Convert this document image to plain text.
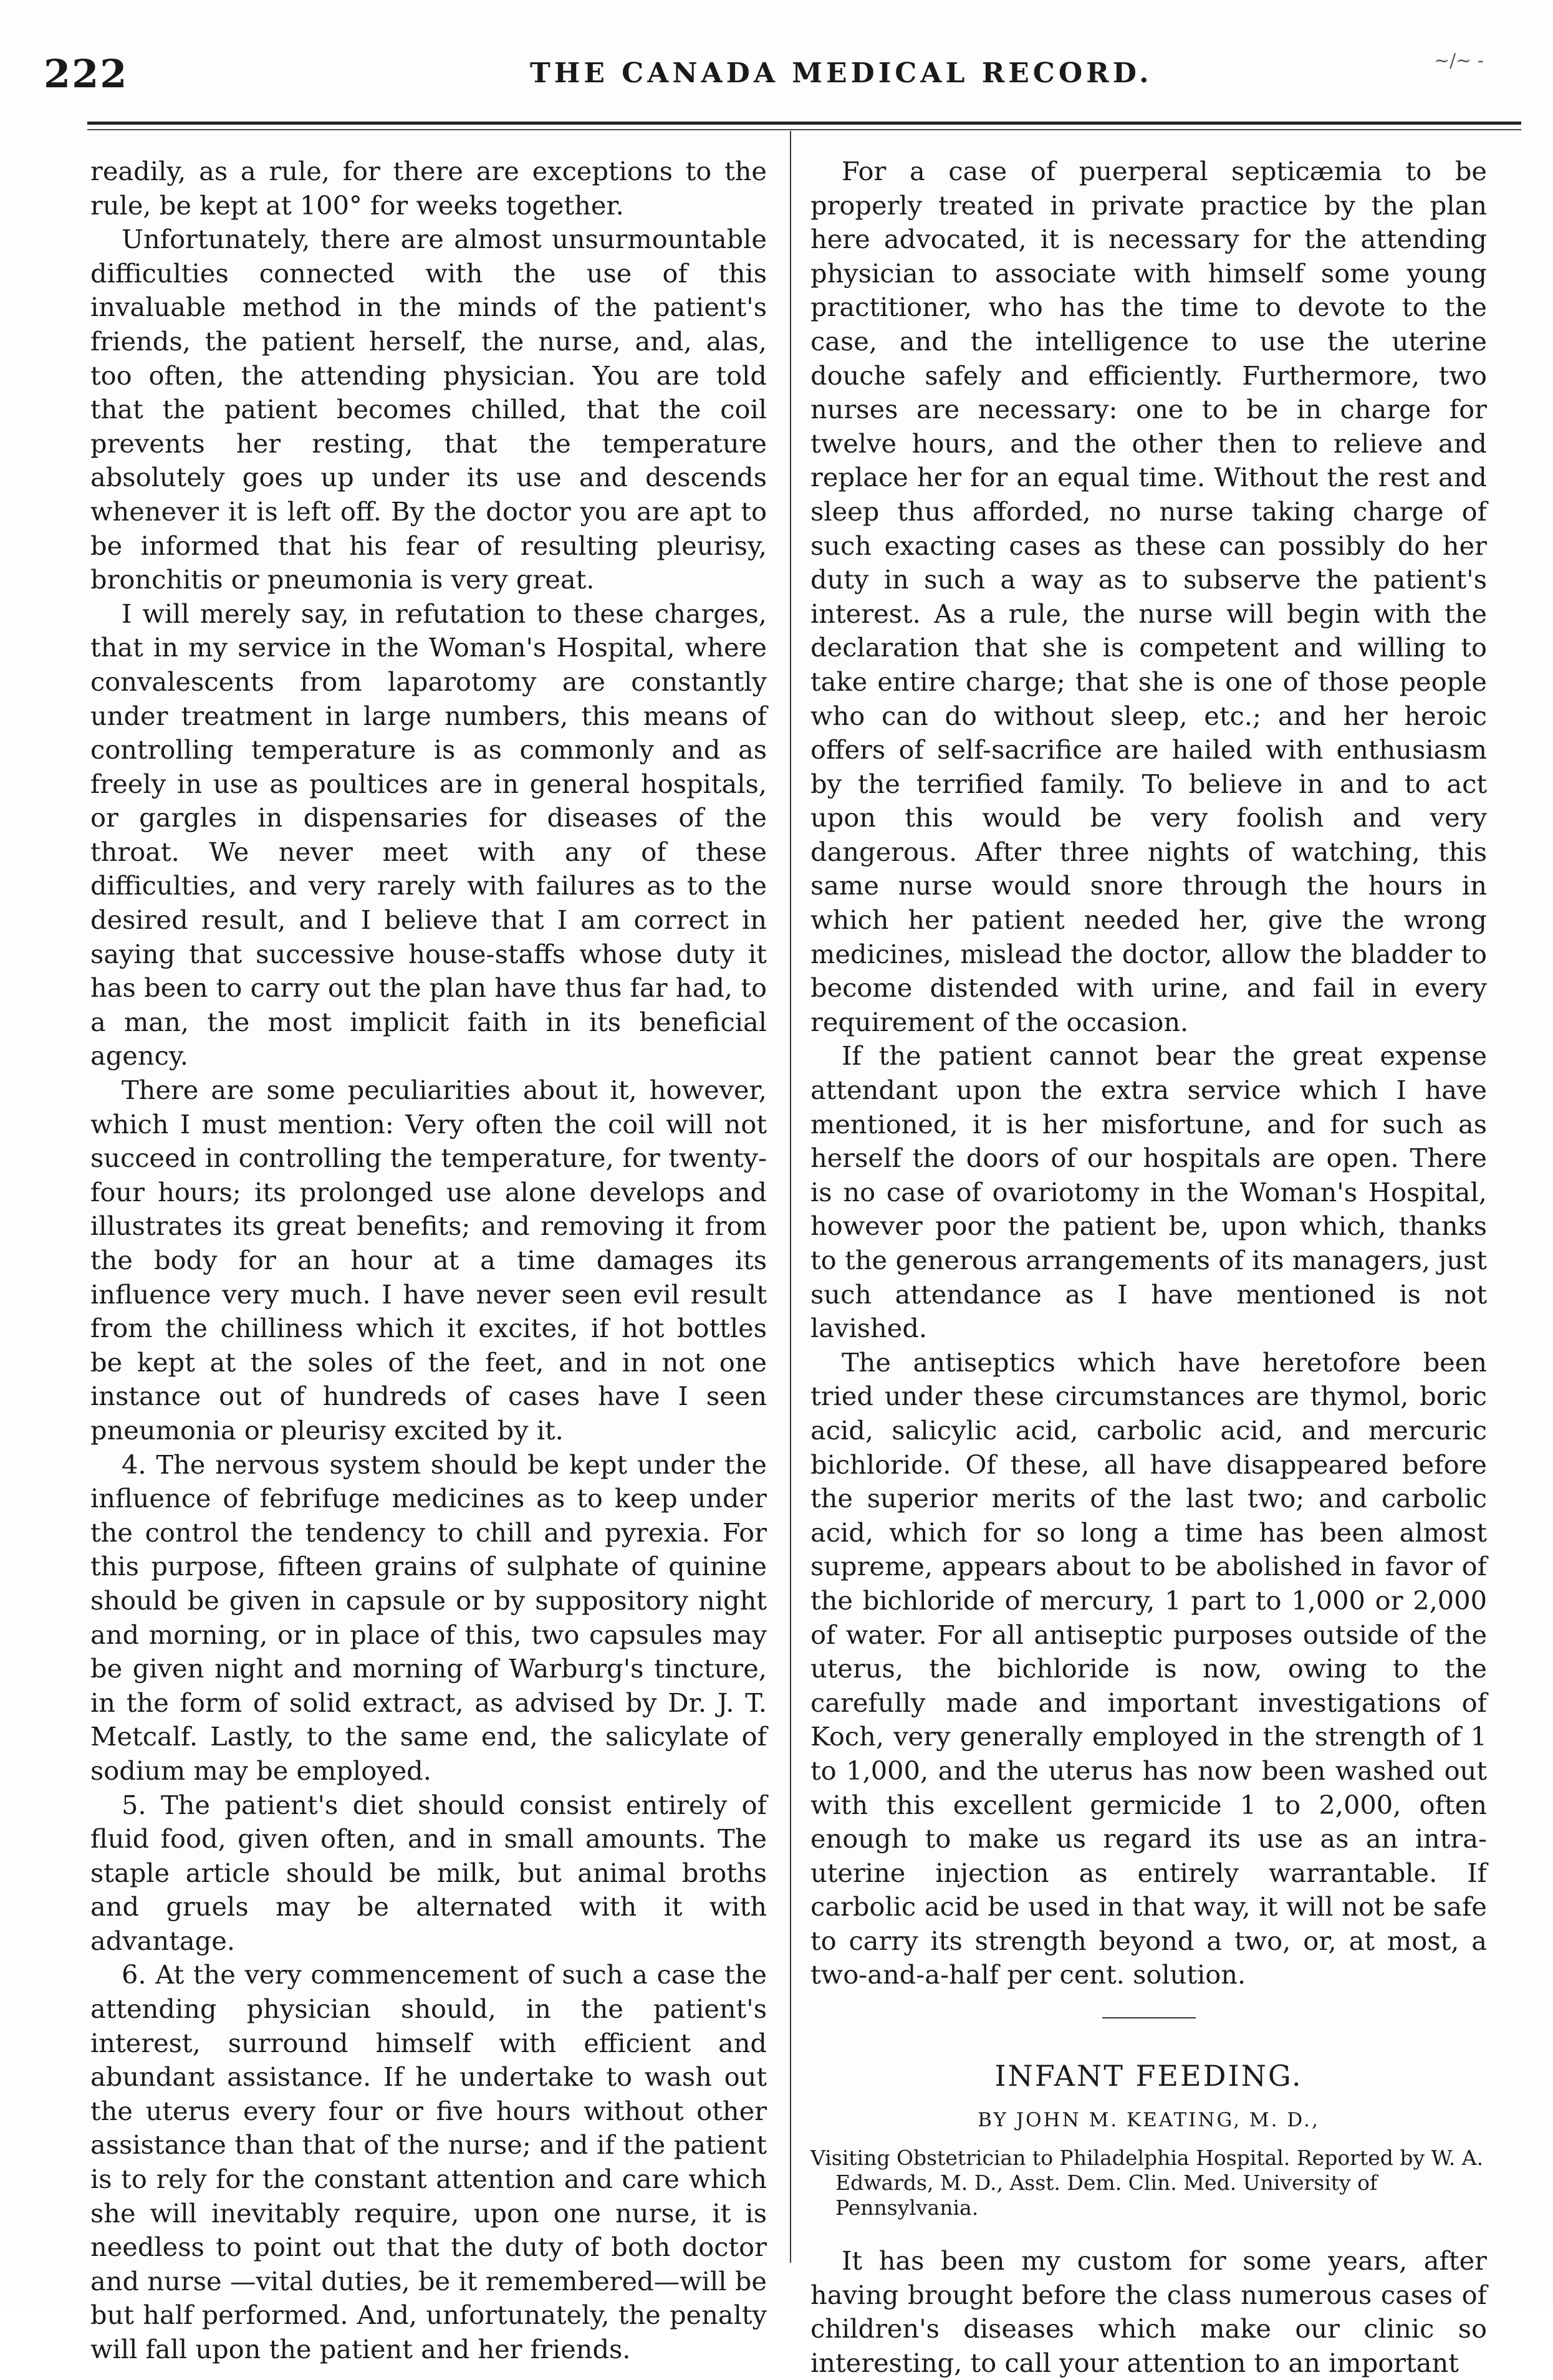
222	THE CANADA MEDICAL RECORD.	~/~ -

readily, as a rule, for there are exceptions to the rule, be kept at 100° for weeks together.

Unfortunately, there are almost unsurmountable difficulties connected with the use of this invaluable method in the minds of the patient's friends, the patient herself, the nurse, and, alas, too often, the attending physician. You are told that the patient becomes chilled, that the coil prevents her resting, that the temperature absolutely goes up under its use and descends whenever it is left off. By the doctor you are apt to be informed that his fear of resulting pleurisy, bronchitis or pneumonia is very great.

I will merely say, in refutation to these charges, that in my service in the Woman's Hospital, where convalescents from laparotomy are constantly under treatment in large numbers, this means of controlling temperature is as commonly and as freely in use as poultices are in general hospitals, or gargles in dispensaries for diseases of the throat. We never meet with any of these difficulties, and very rarely with failures as to the desired result, and I believe that I am correct in saying that successive house-staffs whose duty it has been to carry out the plan have thus far had, to a man, the most implicit faith in its beneficial agency.

There are some peculiarities about it, however, which I must mention: Very often the coil will not succeed in controlling the temperature, for twenty-four hours; its prolonged use alone develops and illustrates its great benefits; and removing it from the body for an hour at a time damages its influence very much. I have never seen evil result from the chilliness which it excites, if hot bottles be kept at the soles of the feet, and in not one instance out of hundreds of cases have I seen pneumonia or pleurisy excited by it.

4. The nervous system should be kept under the influence of febrifuge medicines as to keep under the control the tendency to chill and pyrexia. For this purpose, fifteen grains of sulphate of quinine should be given in capsule or by suppository night and morning, or in place of this, two capsules may be given night and morning of Warburg's tincture, in the form of solid extract, as advised by Dr. J. T. Metcalf. Lastly, to the same end, the salicylate of sodium may be employed.

5. The patient's diet should consist entirely of fluid food, given often, and in small amounts. The staple article should be milk, but animal broths and gruels may be alternated with it with advantage.

6. At the very commencement of such a case the attending physician should, in the patient's interest, surround himself with efficient and abundant assistance. If he undertake to wash out the uterus every four or five hours without other assistance than that of the nurse; and if the patient is to rely for the constant attention and care which she will inevitably require, upon one nurse, it is needless to point out that the duty of both doctor and nurse —vital duties, be it remembered—will be but half performed. And, unfortunately, the penalty will fall upon the patient and her friends.

For a case of puerperal septicæmia to be properly treated in private practice by the plan here advocated, it is necessary for the attending physician to associate with himself some young practitioner, who has the time to devote to the case, and the intelligence to use the uterine douche safely and efficiently. Furthermore, two nurses are necessary: one to be in charge for twelve hours, and the other then to relieve and replace her for an equal time. Without the rest and sleep thus afforded, no nurse taking charge of such exacting cases as these can possibly do her duty in such a way as to subserve the patient's interest. As a rule, the nurse will begin with the declaration that she is competent and willing to take entire charge; that she is one of those people who can do without sleep, etc.; and her heroic offers of self-sacrifice are hailed with enthusiasm by the terrified family. To believe in and to act upon this would be very foolish and very dangerous. After three nights of watching, this same nurse would snore through the hours in which her patient needed her, give the wrong medicines, mislead the doctor, allow the bladder to become distended with urine, and fail in every requirement of the occasion.

If the patient cannot bear the great expense attendant upon the extra service which I have mentioned, it is her misfortune, and for such as herself the doors of our hospitals are open. There is no case of ovariotomy in the Woman's Hospital, however poor the patient be, upon which, thanks to the generous arrangements of its managers, just such attendance as I have mentioned is not lavished.

The antiseptics which have heretofore been tried under these circumstances are thymol, boric acid, salicylic acid, carbolic acid, and mercuric bichloride. Of these, all have disappeared before the superior merits of the last two; and carbolic acid, which for so long a time has been almost supreme, appears about to be abolished in favor of the bichloride of mercury, 1 part to 1,000 or 2,000 of water. For all antiseptic purposes outside of the uterus, the bichloride is now, owing to the carefully made and important investigations of Koch, very generally employed in the strength of 1 to 1,000, and the uterus has now been washed out with this excellent germicide 1 to 2,000, often enough to make us regard its use as an intra-uterine injection as entirely warrantable. If carbolic acid be used in that way, it will not be safe to carry its strength beyond a two, or, at most, a two-and-a-half per cent. solution.

INFANT FEEDING.
BY JOHN M. KEATING, M. D.,
Visiting Obstetrician to Philadelphia Hospital. Reported by W. A. Edwards, M. D., Asst. Dem. Clin. Med. University of Pennsylvania.

It has been my custom for some years, after having brought before the class numerous cases of children's diseases which make our clinic so interesting, to call your attention to an important
